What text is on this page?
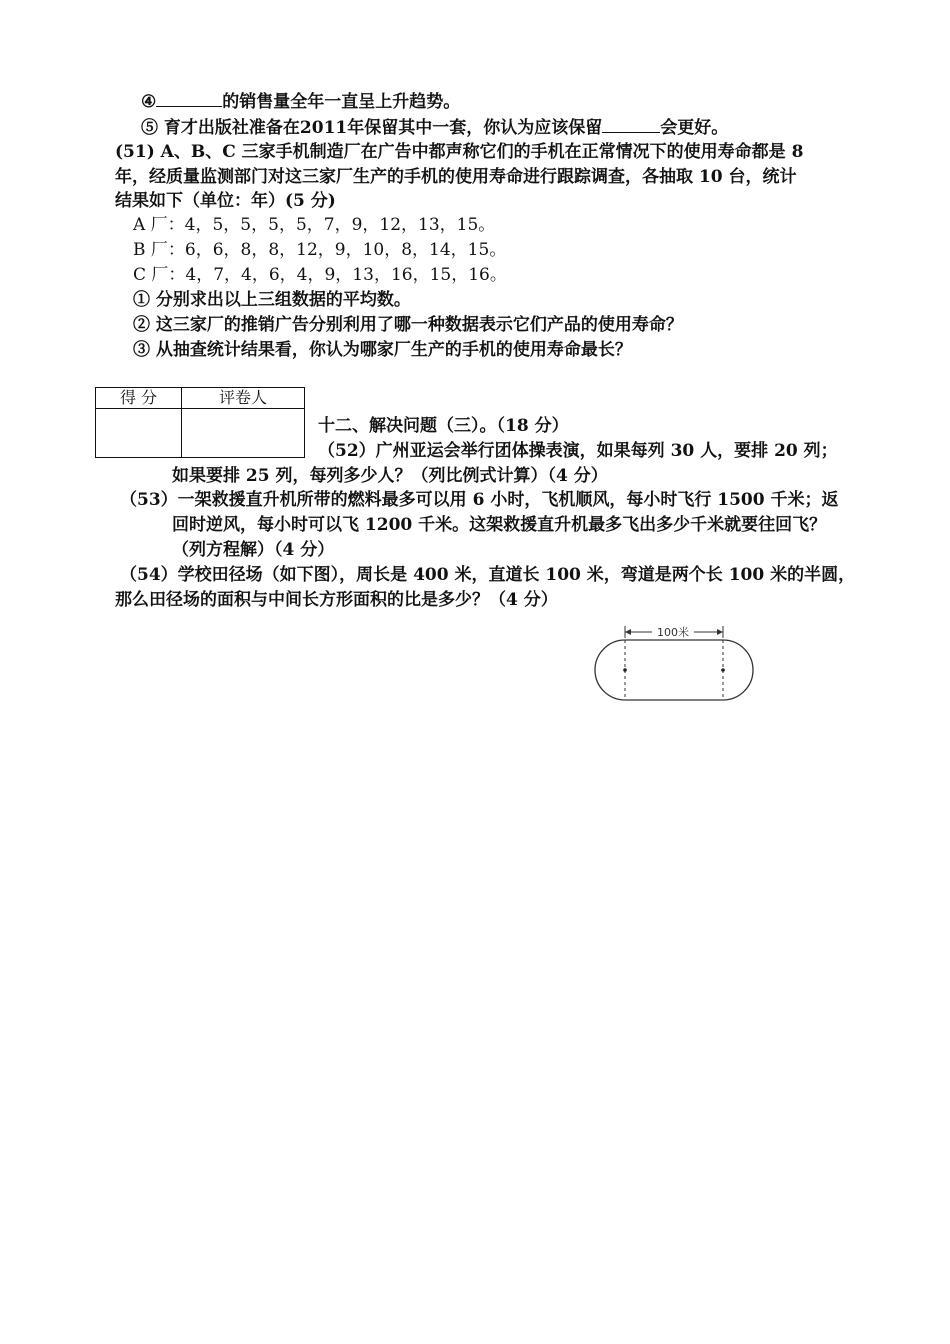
④	的销售量全年一直呈上升趋势。
⑤ 育才出版社准备在2011年保留其中一套，你认为应该保留	会更好。
(51) A、B、C 三家手机制造厂在广告中都声称它们的手机在正常情况下的使用寿命都是 8
年，经质量监测部门对这三家厂生产的手机的使用寿命进行跟踪调查，各抽取 10 台，统计
结果如下（单位：年）(5 分)
A 厂：4，5，5，5，5，7，9，12，13，15。
B 厂：6，6，8，8，12，9，10，8，14，15。
C 厂：4，7，4，6，4，9，13，16，15，16。
① 分别求出以上三组数据的平均数。
② 这三家厂的推销广告分别利用了哪一种数据表示它们产品的使用寿命？
③ 从抽查统计结果看，你认为哪家厂生产的手机的使用寿命最长？
得 分	评卷人

十二、解决问题（三）。（18 分）
（52）广州亚运会举行团体操表演，如果每列 30 人，要排 20 列；
如果要排 25 列，每列多少人？（列比例式计算）（4 分）
（53）一架救援直升机所带的燃料最多可以用 6 小时，飞机顺风，每小时飞行 1500 千米；返
回时逆风，每小时可以飞 1200 千米。这架救援直升机最多飞出多少千米就要往回飞？
（列方程解）（4 分）
（54）学校田径场（如下图），周长是 400 米，直道长 100 米，弯道是两个长 100 米的半圆，
那么田径场的面积与中间长方形面积的比是多少？（4 分）
100米
